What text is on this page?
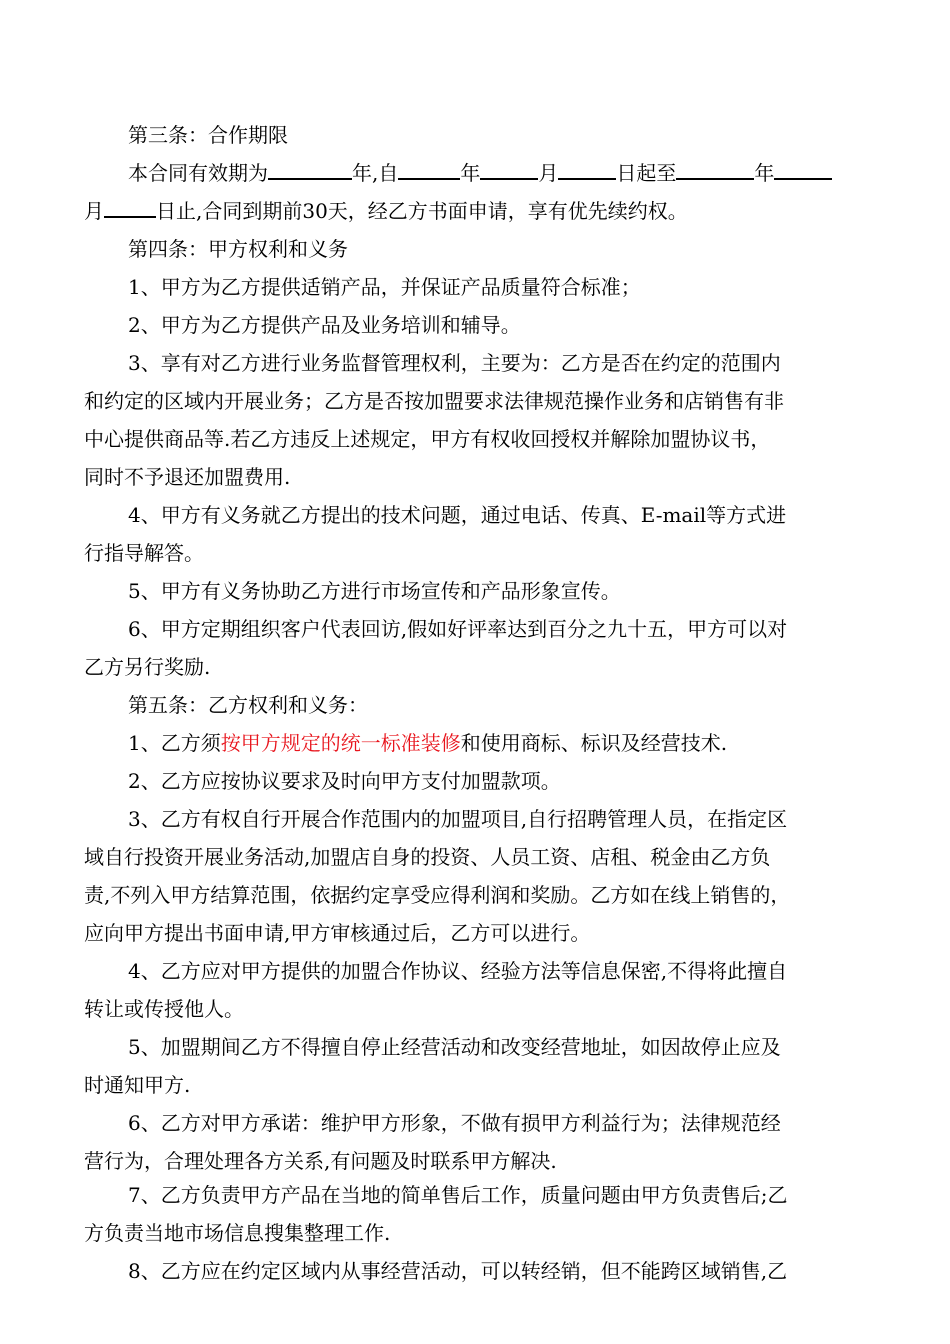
第三条：合作期限
本合同有效期为	年,自	年	月	日起至	年
月	日止,合同到期前30天，经乙方书面申请，享有优先续约权。
第四条：甲方权利和义务
1、甲方为乙方提供适销产品，并保证产品质量符合标准；
2、甲方为乙方提供产品及业务培训和辅导。
3、享有对乙方进行业务监督管理权利，主要为：乙方是否在约定的范围内
和约定的区域内开展业务；乙方是否按加盟要求法律规范操作业务和店销售有非
中心提供商品等.若乙方违反上述规定，甲方有权收回授权并解除加盟协议书，
同时不予退还加盟费用.
4、甲方有义务就乙方提出的技术问题，通过电话、传真、E-mail等方式进
行指导解答。
5、甲方有义务协助乙方进行市场宣传和产品形象宣传。
6、甲方定期组织客户代表回访,假如好评率达到百分之九十五，甲方可以对
乙方另行奖励.
第五条：乙方权利和义务：
1、乙方须按甲方规定的统一标准装修和使用商标、标识及经营技术.
2、乙方应按协议要求及时向甲方支付加盟款项。
3、乙方有权自行开展合作范围内的加盟项目,自行招聘管理人员，在指定区
域自行投资开展业务活动,加盟店自身的投资、人员工资、店租、税金由乙方负
责,不列入甲方结算范围，依据约定享受应得利润和奖励。乙方如在线上销售的，
应向甲方提出书面申请,甲方审核通过后，乙方可以进行。
4、乙方应对甲方提供的加盟合作协议、经验方法等信息保密,不得将此擅自
转让或传授他人。
5、加盟期间乙方不得擅自停止经营活动和改变经营地址，如因故停止应及
时通知甲方.
6、乙方对甲方承诺：维护甲方形象，不做有损甲方利益行为；法律规范经
营行为，合理处理各方关系,有问题及时联系甲方解决.
7、乙方负责甲方产品在当地的简单售后工作，质量问题由甲方负责售后;乙
方负责当地市场信息搜集整理工作.
8、乙方应在约定区域内从事经营活动，可以转经销，但不能跨区域销售,乙
